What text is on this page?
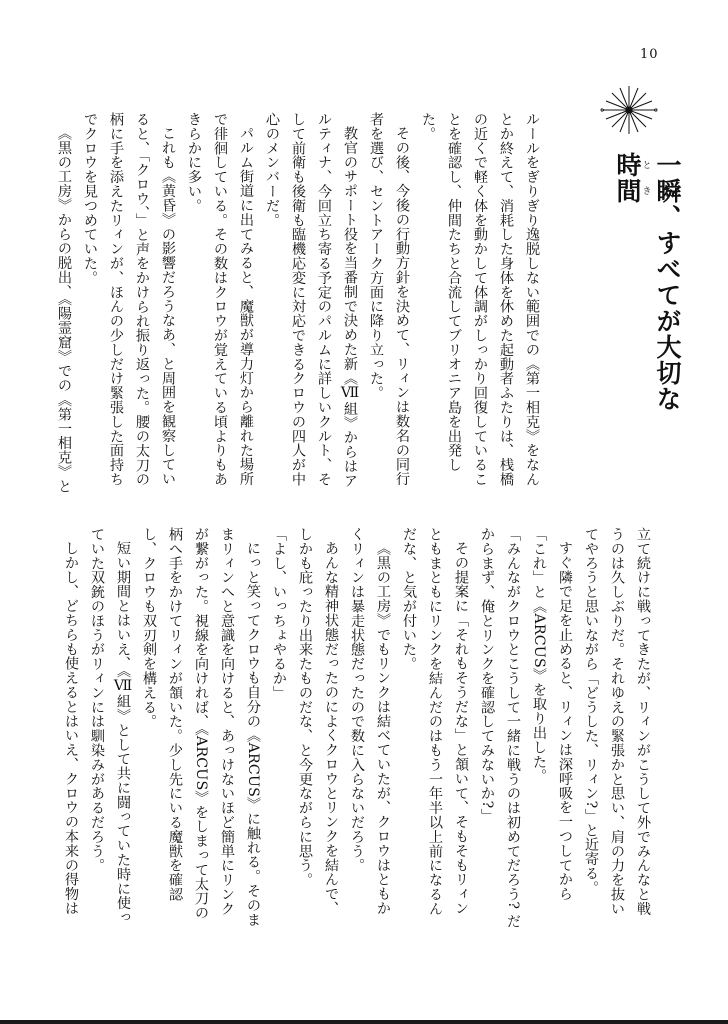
10
一瞬、すべてが大切な時間とき

ルールをぎりぎり逸脱しない範囲での《第一相克》をなんとか終えて、消耗した身体を休めた起動者ふたりは、桟橋の近くで軽く体を動かして体調がしっかり回復していることを確認し、仲間たちと合流してブリオニア島を出発した。

その後、今後の行動方針を決めて、リィンは数名の同行者を選び、セントアーク方面に降り立った。

教官のサポート役を当番制で決めた新《Ⅶ組》からはアルティナ、今回立ち寄る予定のパルムに詳しいクルト、そして前衛も後衛も臨機応変に対応できるクロウの四人が中心のメンバーだ。

パルム街道に出てみると、魔獣が導力灯から離れた場所で徘徊している。その数はクロウが覚えている頃よりもあきらかに多い。

これも《黄昏》の影響だろうなあ、と周囲を観察していると、「クロウ、」と声をかけられ振り返った。腰の太刀の柄に手を添えたリィンが、ほんの少しだけ緊張した面持ちでクロウを見つめていた。

《黒の工房》からの脱出、《陽霊窟》での《第一相克》と

立て続けに戦ってきたが、リィンがこうして外でみんなと戦うのは久しぶりだ。それゆえの緊張かと思い、肩の力を抜いてやろうと思いながら「どうした、リィン?」と近寄る。

すぐ隣で足を止めると、リィンは深呼吸を一つしてから「これ」と《ARCUS》を取り出した。

「みんながクロウとこうして一緒に戦うのは初めてだろう? だからまず、俺とリンクを確認してみないか?」

その提案に「それもそうだな」と頷いて、そもそもリィンともまともにリンクを結んだのはもう一年半以上前になるんだな、と気が付いた。

《黒の工房》でもリンクは結べていたが、クロウはともかくリィンは暴走状態だったので数に入らないだろう。

あんな精神状態だったのによくクロウとリンクを結んで、しかも庇ったり出来たものだな、と今更ながらに思う。

「よし、いっちょやるか」

にっと笑ってクロウも自分の《ARCUS》に触れる。そのままリィンへと意識を向けると、あっけないほど簡単にリンクが繋がった。視線を向ければ、《ARCUS》をしまって太刀の柄へ手をかけてリィンが頷いた。少し先にいる魔獣を確認し、クロウも双刃剣を構える。

短い期間とはいえ、《Ⅶ組》として共に闘っていた時に使っていた双銃のほうがリィンには馴染みがあるだろう。

しかし、どちらも使えるとはいえ、クロウの本来の得物は
